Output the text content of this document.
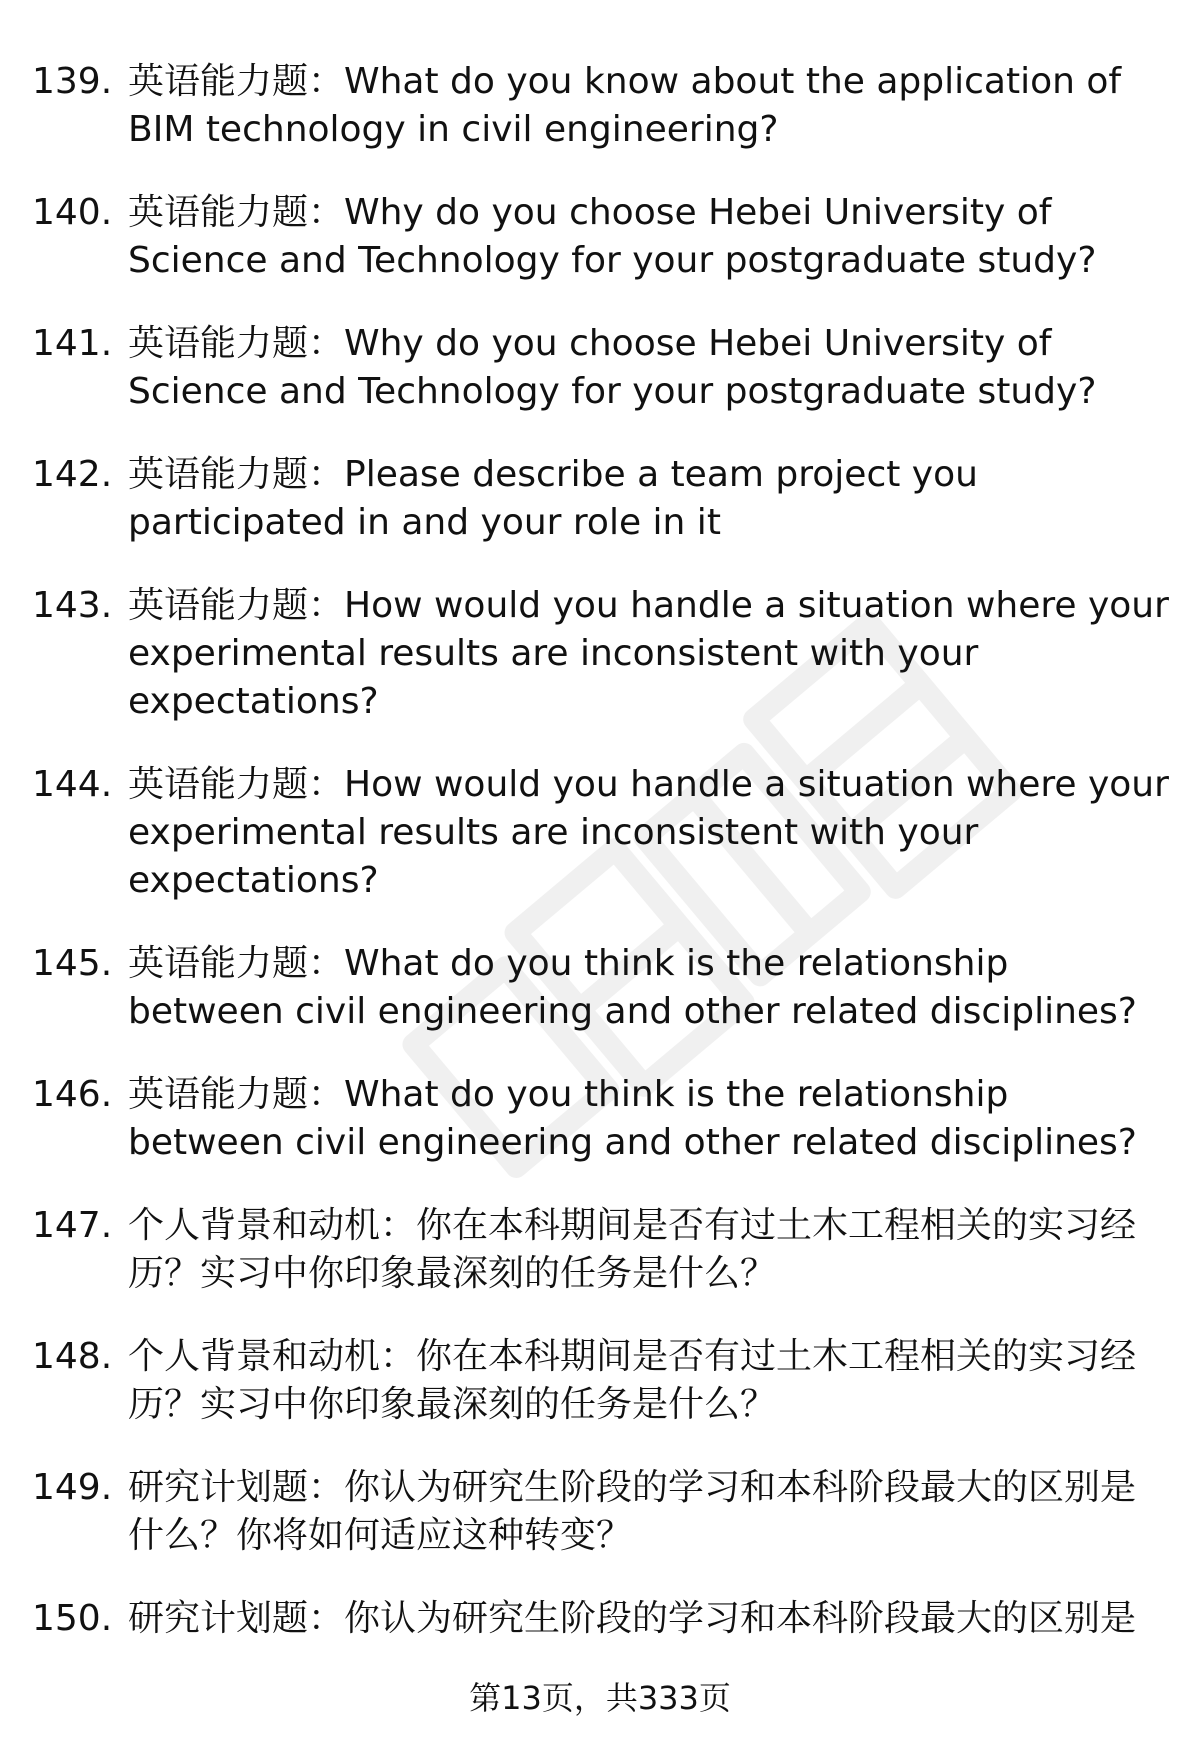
139. 英语能力题：What do you know about the application of BIM technology in civil engineering?
140. 英语能力题：Why do you choose Hebei University of Science and Technology for your postgraduate study?
141. 英语能力题：Why do you choose Hebei University of Science and Technology for your postgraduate study?
142. 英语能力题：Please describe a team project you participated in and your role in it
143. 英语能力题：How would you handle a situation where your experimental results are inconsistent with your expectations?
144. 英语能力题：How would you handle a situation where your experimental results are inconsistent with your expectations?
145. 英语能力题：What do you think is the relationship between civil engineering and other related disciplines?
146. 英语能力题：What do you think is the relationship between civil engineering and other related disciplines?
147. 个人背景和动机：你在本科期间是否有过土木工程相关的实习经历？实习中你印象最深刻的任务是什么？
148. 个人背景和动机：你在本科期间是否有过土木工程相关的实习经历？实习中你印象最深刻的任务是什么？
149. 研究计划题：你认为研究生阶段的学习和本科阶段最大的区别是什么？你将如何适应这种转变？
150. 研究计划题：你认为研究生阶段的学习和本科阶段最大的区别是
第13页，共333页
